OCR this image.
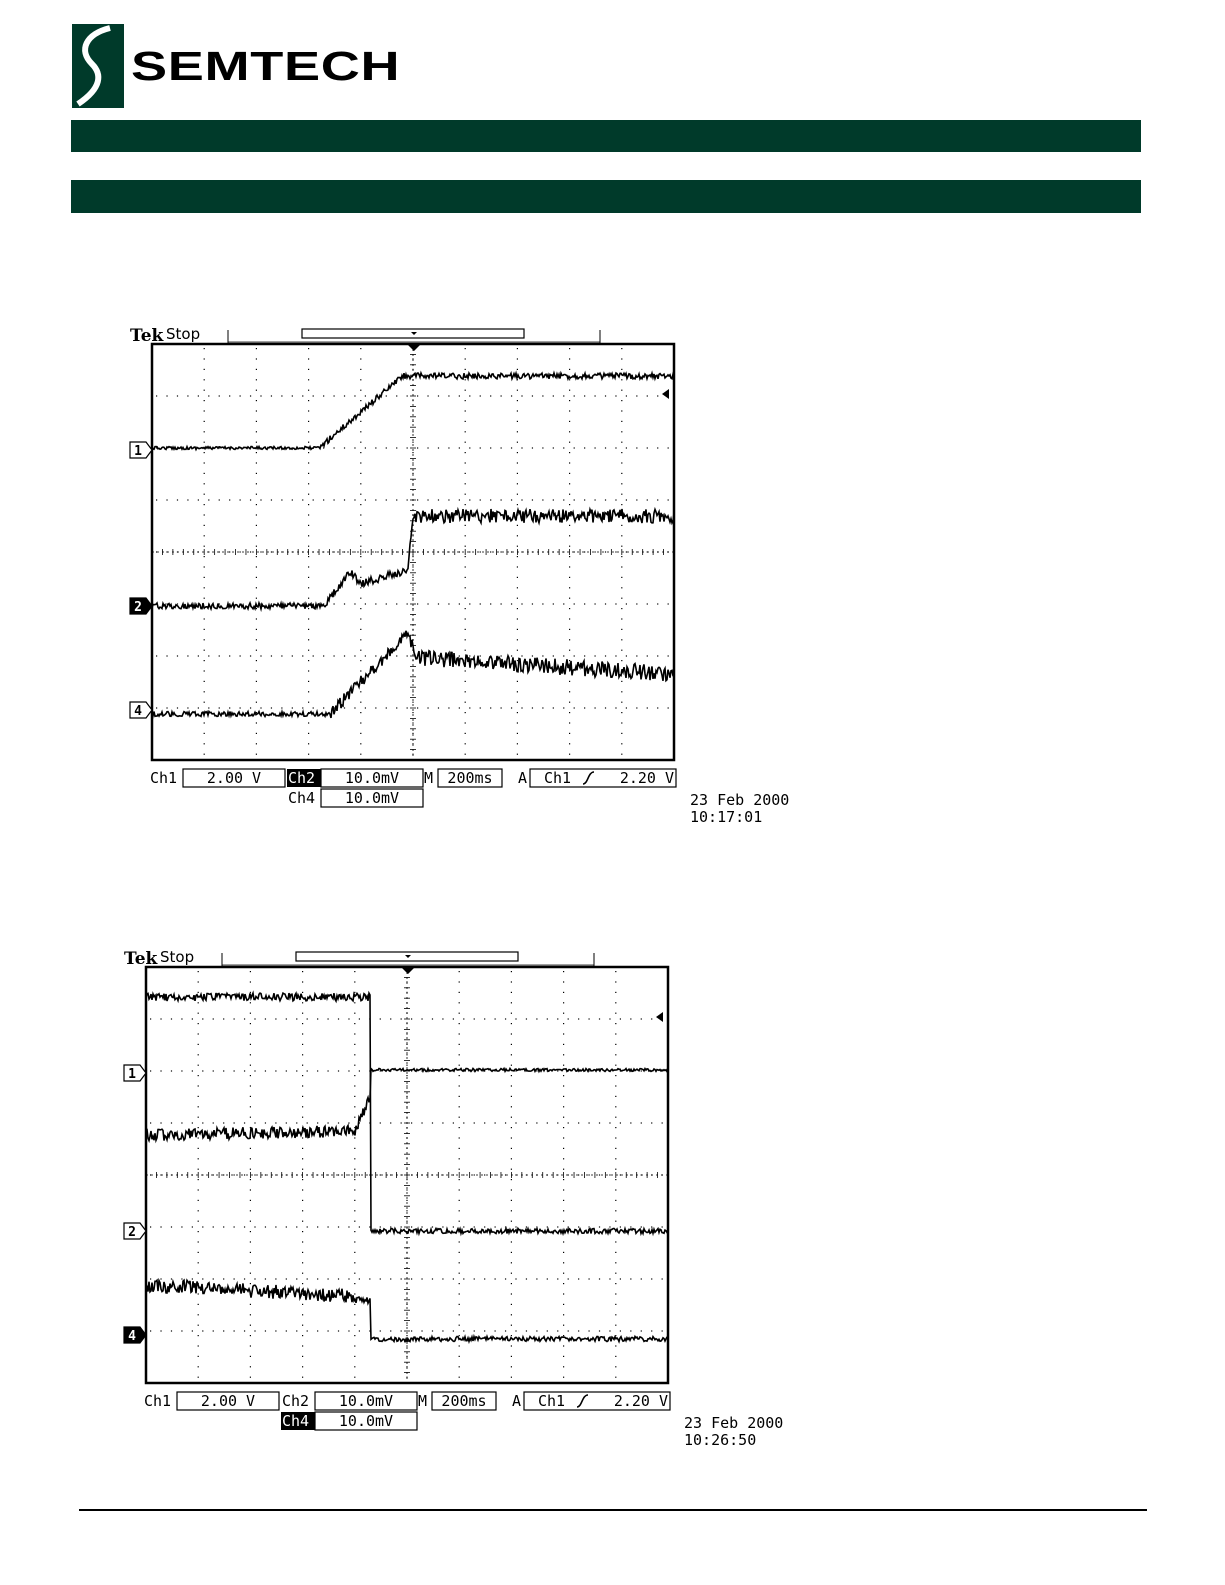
SEMTECH
Tek Stop
1
2
4
Ch1 2.00 V Ch2 10.0mV M 200ms A Ch1	2.20 V
Ch4 10.0mV	23 Feb 2000
10:17:01
Tek Stop
1
2
4
Ch1 2.00 V Ch2 10.0mV M 200ms A Ch1	2.20 V
Ch4 10.0mV	23 Feb 2000
10:26:50
